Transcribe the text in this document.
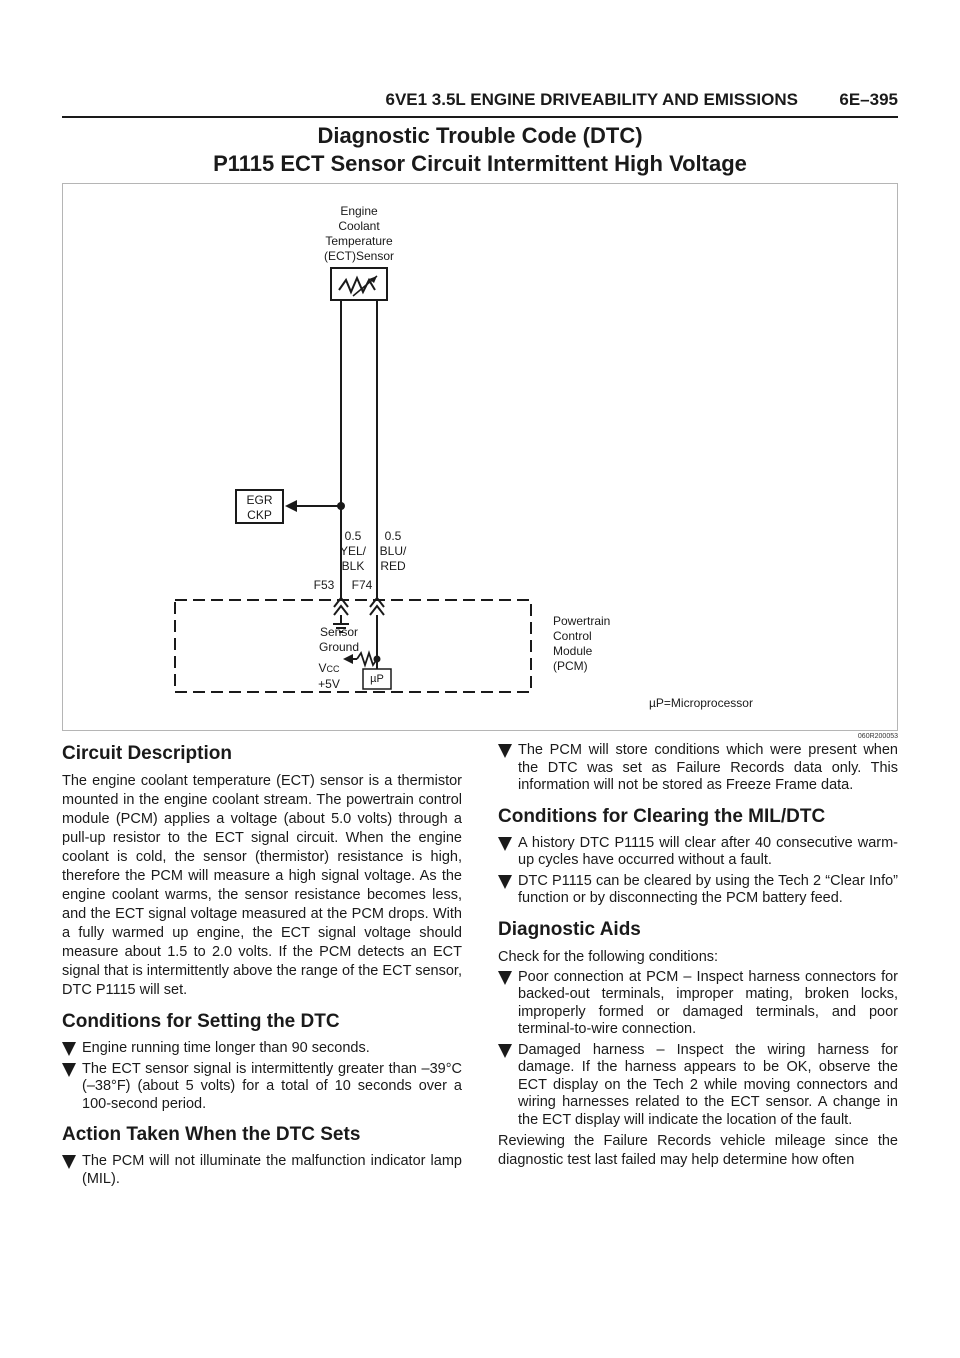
6VE1 3.5L ENGINE DRIVEABILITY AND EMISSIONS 6E–395
Diagnostic Trouble Code (DTC)
P1115 ECT Sensor Circuit Intermittent High Voltage
Engine
Coolant
Temperature
(ECT)Sensor
EGR
CKP
0.5
YEL/
BLK
0.5
BLU/
RED
F53	F74
Sensor
Ground
VCC
+5V	µP
Powertrain
Control
Module
(PCM)
µP=Microprocessor
060R200053
Circuit Description

The engine coolant temperature (ECT) sensor is a thermistor mounted in the engine coolant stream. The powertrain control module (PCM) applies a voltage (about 5.0 volts) through a pull-up resistor to the ECT signal circuit. When the engine coolant is cold, the sensor (thermistor) resistance is high, therefore the PCM will measure a high signal voltage. As the engine coolant warms, the sensor resistance becomes less, and the ECT signal voltage measured at the PCM drops. With a fully warmed up engine, the ECT signal voltage should measure about 1.5 to 2.0 volts. If the PCM detects an ECT signal that is intermittently above the range of the ECT sensor, DTC P1115 will set.

Conditions for Setting the DTC
Engine running time longer than 90 seconds.
The ECT sensor signal is intermittently greater than –39°C (–38°F) (about 5 volts) for a total of 10 seconds over a 100-second period.
Action Taken When the DTC Sets
The PCM will not illuminate the malfunction indicator lamp (MIL).
The PCM will store conditions which were present when the DTC was set as Failure Records data only. This information will not be stored as Freeze Frame data.
Conditions for Clearing the MIL/DTC
A history DTC P1115 will clear after 40 consecutive warm-up cycles have occurred without a fault.
DTC P1115 can be cleared by using the Tech 2 “Clear Info” function or by disconnecting the PCM battery feed.
Diagnostic Aids

Check for the following conditions:

Poor connection at PCM – Inspect harness connectors for backed-out terminals, improper mating, broken locks, improperly formed or damaged terminals, and poor terminal-to-wire connection.
Damaged harness – Inspect the wiring harness for damage. If the harness appears to be OK, observe the ECT display on the Tech 2 while moving connectors and wiring harnesses related to the ECT sensor. A change in the ECT display will indicate the location of the fault.

Reviewing the Failure Records vehicle mileage since the diagnostic test last failed may help determine how often
